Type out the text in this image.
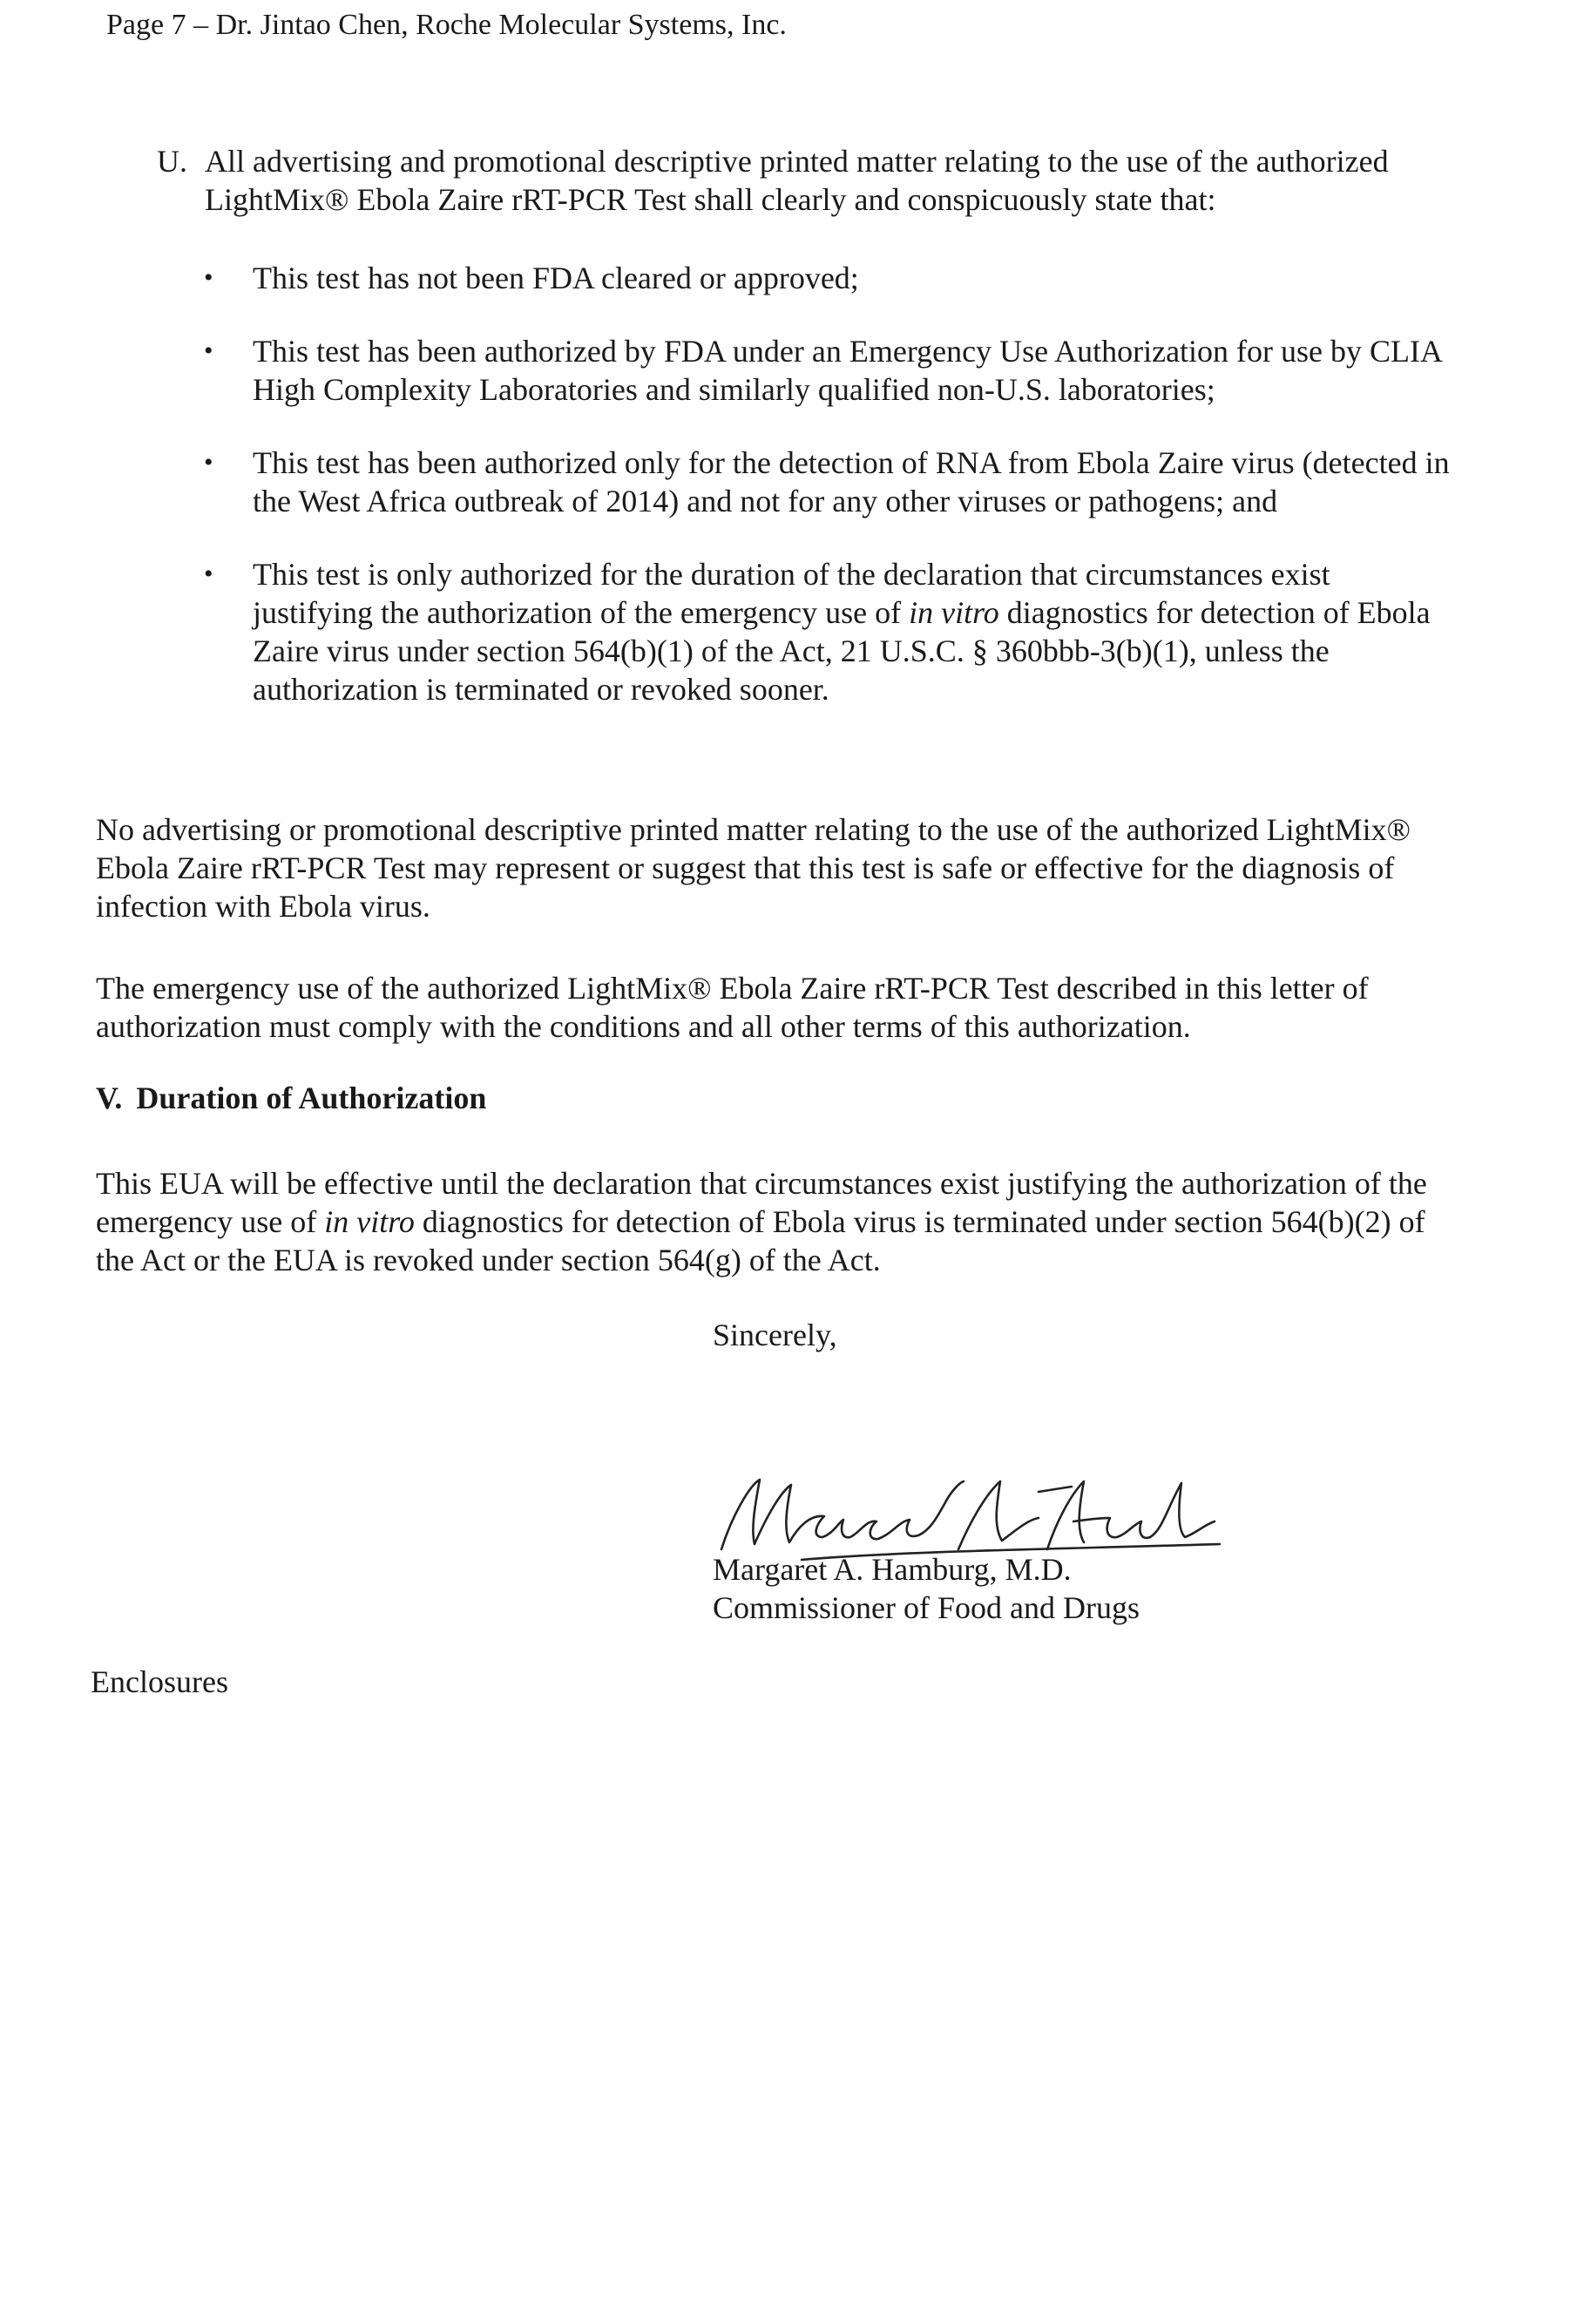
Page 7 – Dr. Jintao Chen, Roche Molecular Systems, Inc.
U. All advertising and promotional descriptive printed matter relating to the use of the authorized LightMix® Ebola Zaire rRT-PCR Test shall clearly and conspicuously state that:
• This test has not been FDA cleared or approved;
• This test has been authorized by FDA under an Emergency Use Authorization for use by CLIA High Complexity Laboratories and similarly qualified non-U.S. laboratories;
• This test has been authorized only for the detection of RNA from Ebola Zaire virus (detected in the West Africa outbreak of 2014) and not for any other viruses or pathogens; and
• This test is only authorized for the duration of the declaration that circumstances exist justifying the authorization of the emergency use of in vitro diagnostics for detection of Ebola Zaire virus under section 564(b)(1) of the Act, 21 U.S.C. § 360bbb-3(b)(1), unless the authorization is terminated or revoked sooner.

No advertising or promotional descriptive printed matter relating to the use of the authorized LightMix® Ebola Zaire rRT-PCR Test may represent or suggest that this test is safe or effective for the diagnosis of infection with Ebola virus.

The emergency use of the authorized LightMix® Ebola Zaire rRT-PCR Test described in this letter of authorization must comply with the conditions and all other terms of this authorization.

V. Duration of Authorization

This EUA will be effective until the declaration that circumstances exist justifying the authorization of the emergency use of in vitro diagnostics for detection of Ebola virus is terminated under section 564(b)(2) of the Act or the EUA is revoked under section 564(g) of the Act.

Sincerely,
Margaret A. Hamburg, M.D.
Commissioner of Food and Drugs
Enclosures
